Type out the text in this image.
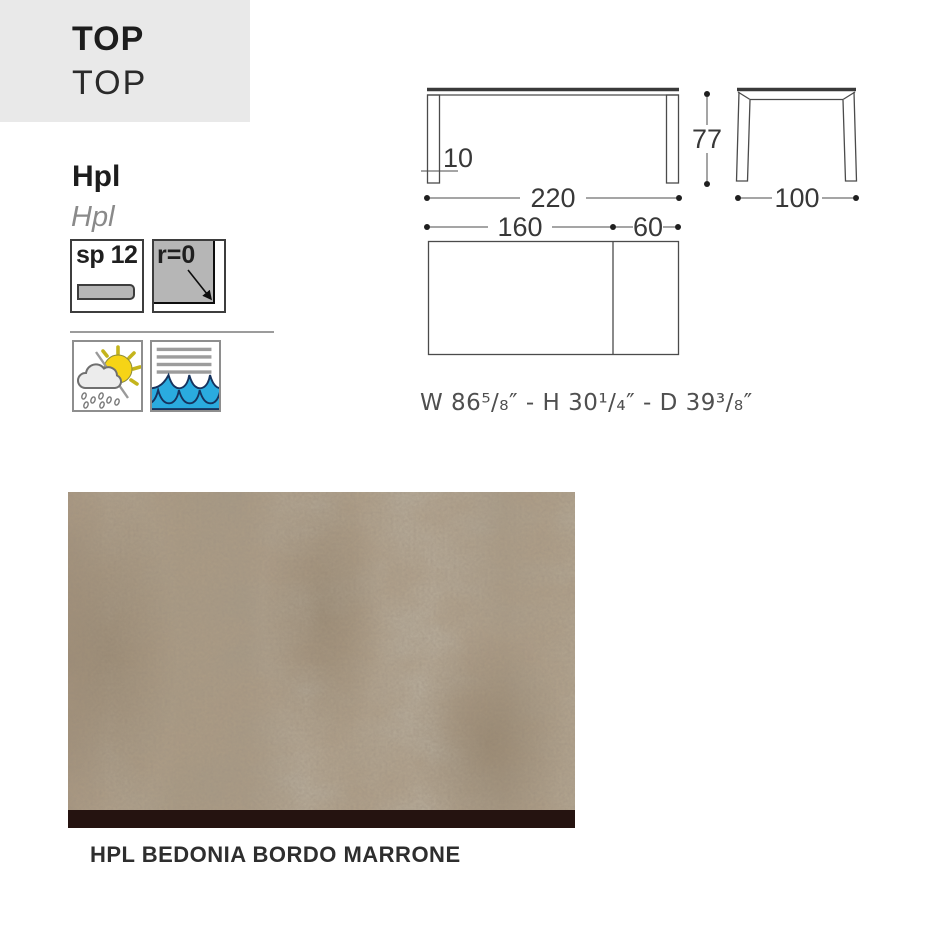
TOP
TOP
Hpl
Hpl
sp 12 r=0
10
220
77
100
160	60
W 86⁵/₈″ - H 30¹/₄″ - D 39³/₈″
HPL BEDONIA BORDO MARRONE
